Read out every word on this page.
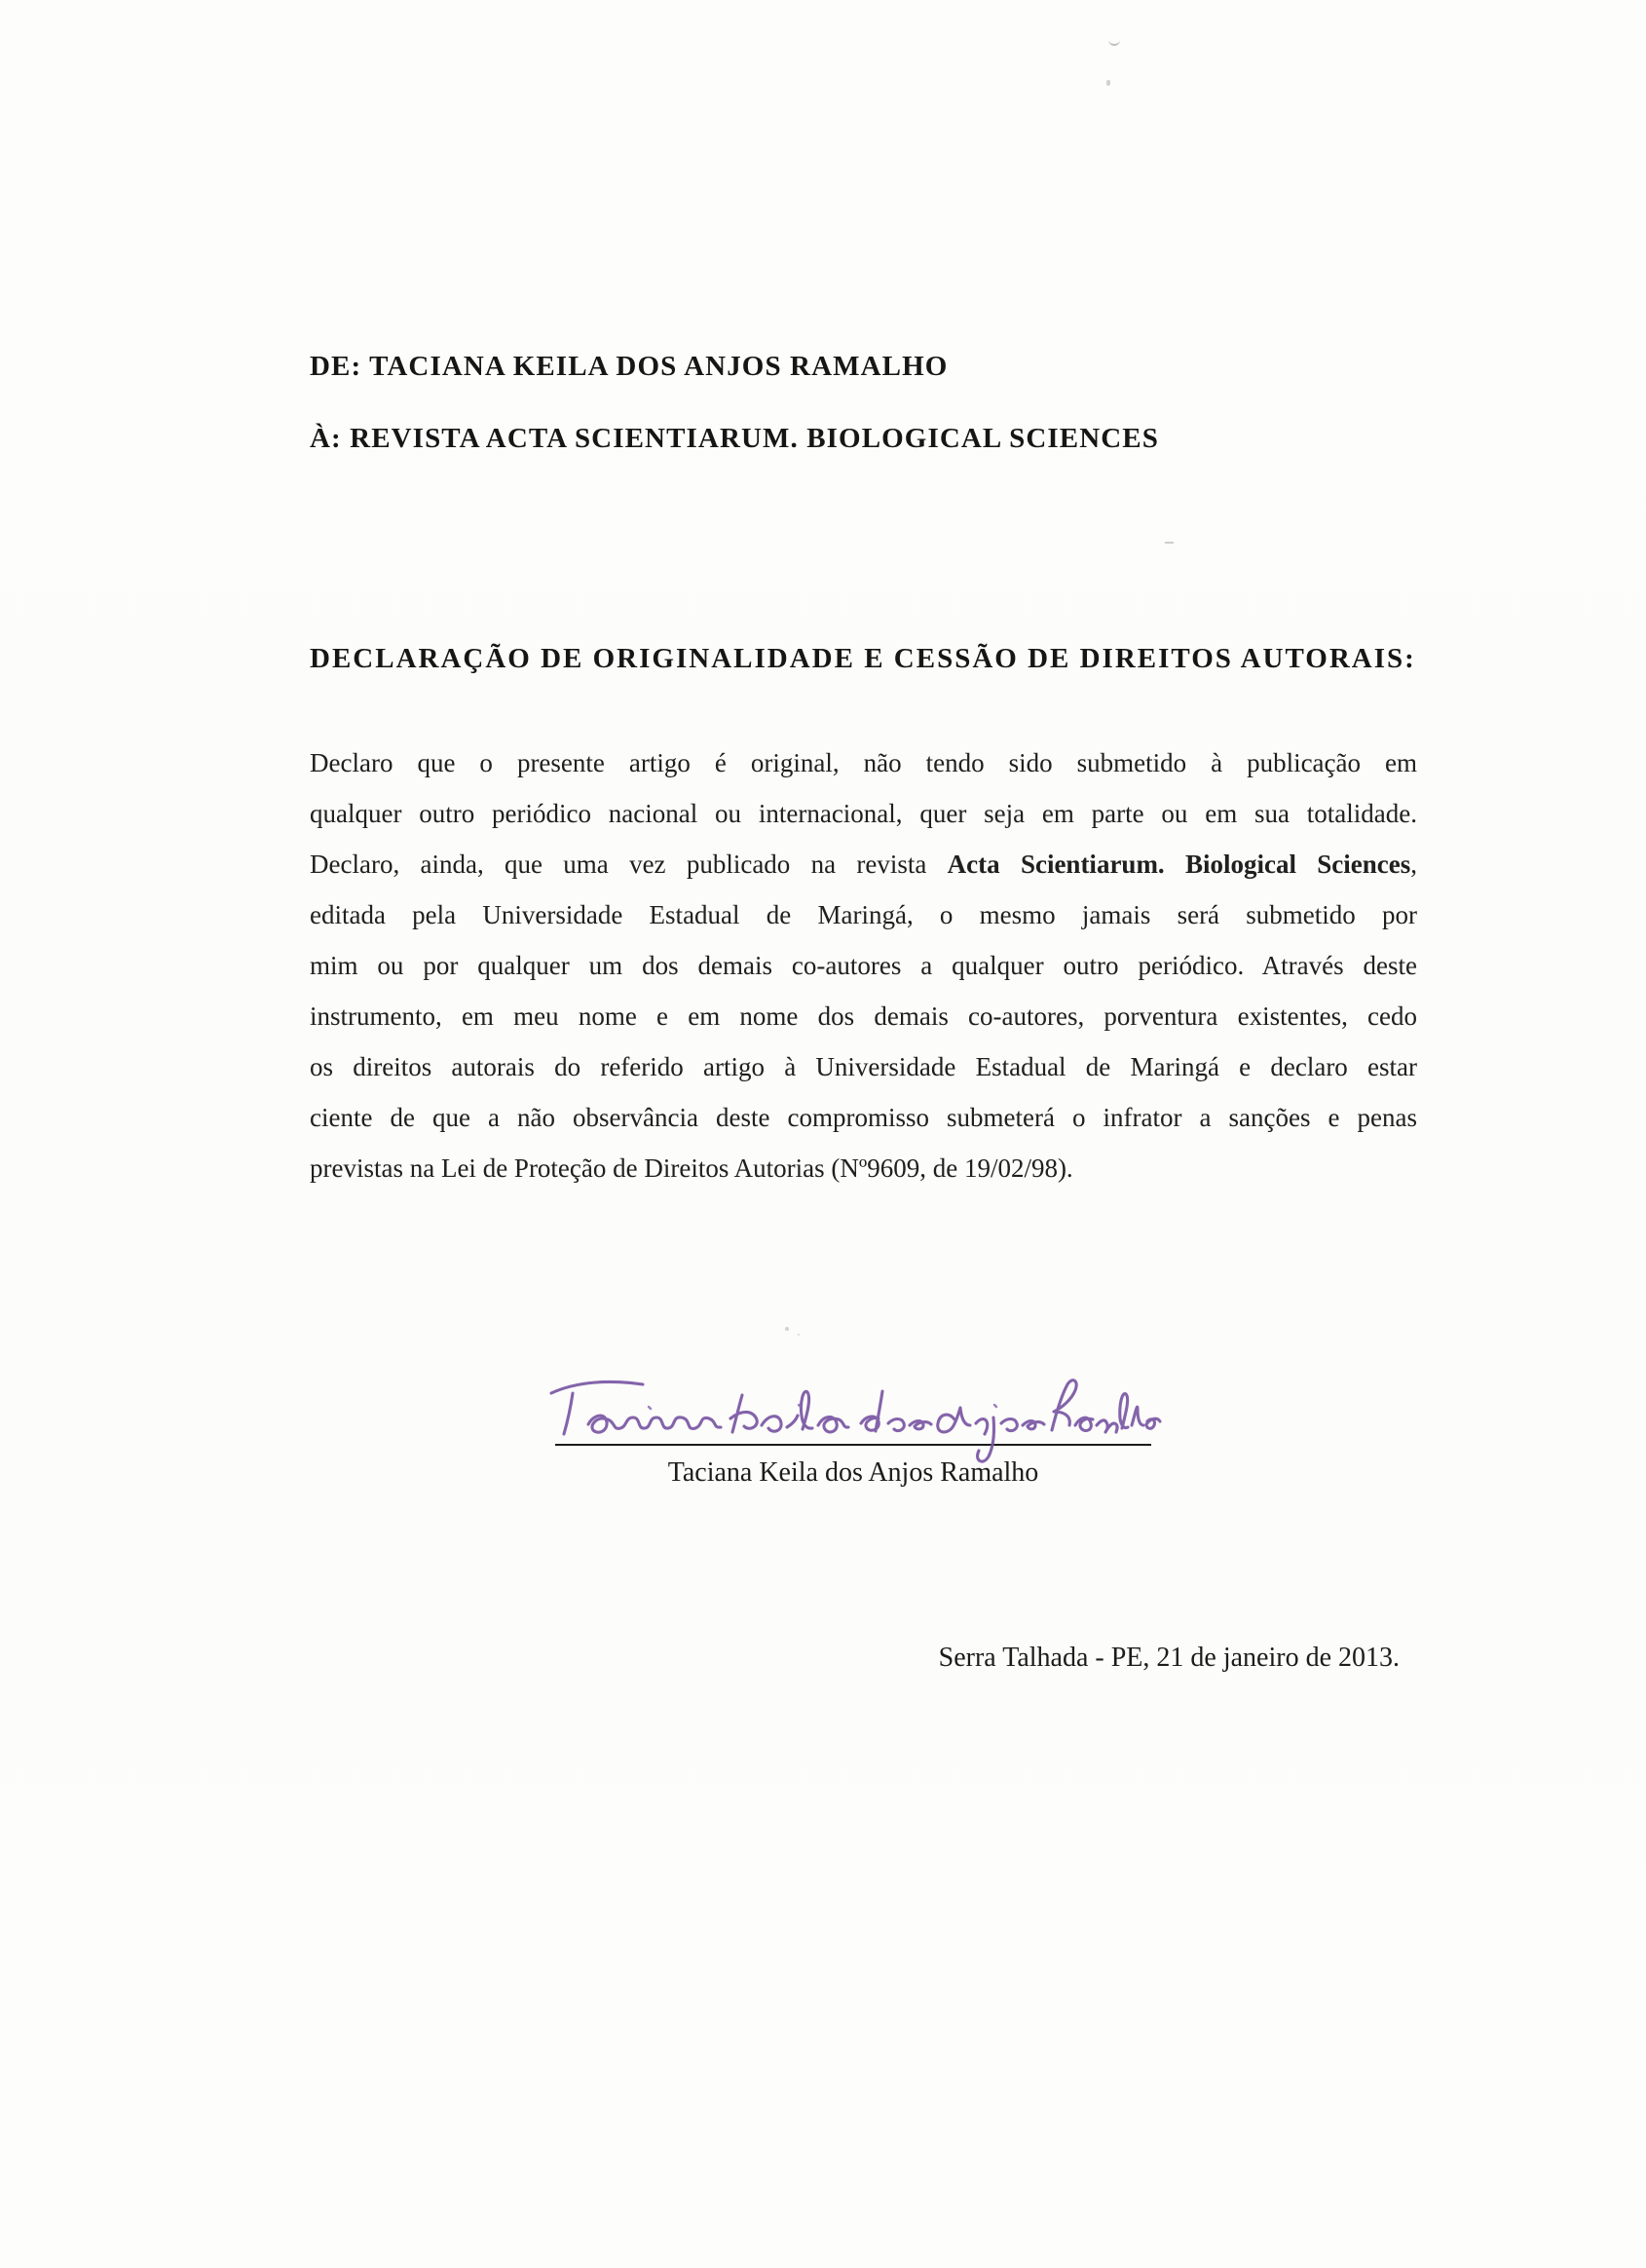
DE: TACIANA KEILA DOS ANJOS RAMALHO
À: REVISTA ACTA SCIENTIARUM. BIOLOGICAL SCIENCES
DECLARAÇÃO DE ORIGINALIDADE E CESSÃO DE DIREITOS AUTORAIS:
Declaro que o presente artigo é original, não tendo sido submetido à publicação em
qualquer outro periódico nacional ou internacional, quer seja em parte ou em sua totalidade.
Declaro, ainda, que uma vez publicado na revista Acta Scientiarum. Biological Sciences,
editada pela Universidade Estadual de Maringá, o mesmo jamais será submetido por
mim ou por qualquer um dos demais co-autores a qualquer outro periódico. Através deste
instrumento, em meu nome e em nome dos demais co-autores, porventura existentes, cedo
os direitos autorais do referido artigo à Universidade Estadual de Maringá e declaro estar
ciente de que a não observância deste compromisso submeterá o infrator a sanções e penas
previstas na Lei de Proteção de Direitos Autorias (Nº9609, de 19/02/98).
Taciana Keila dos Anjos Ramalho
Serra Talhada - PE, 21 de janeiro de 2013.
